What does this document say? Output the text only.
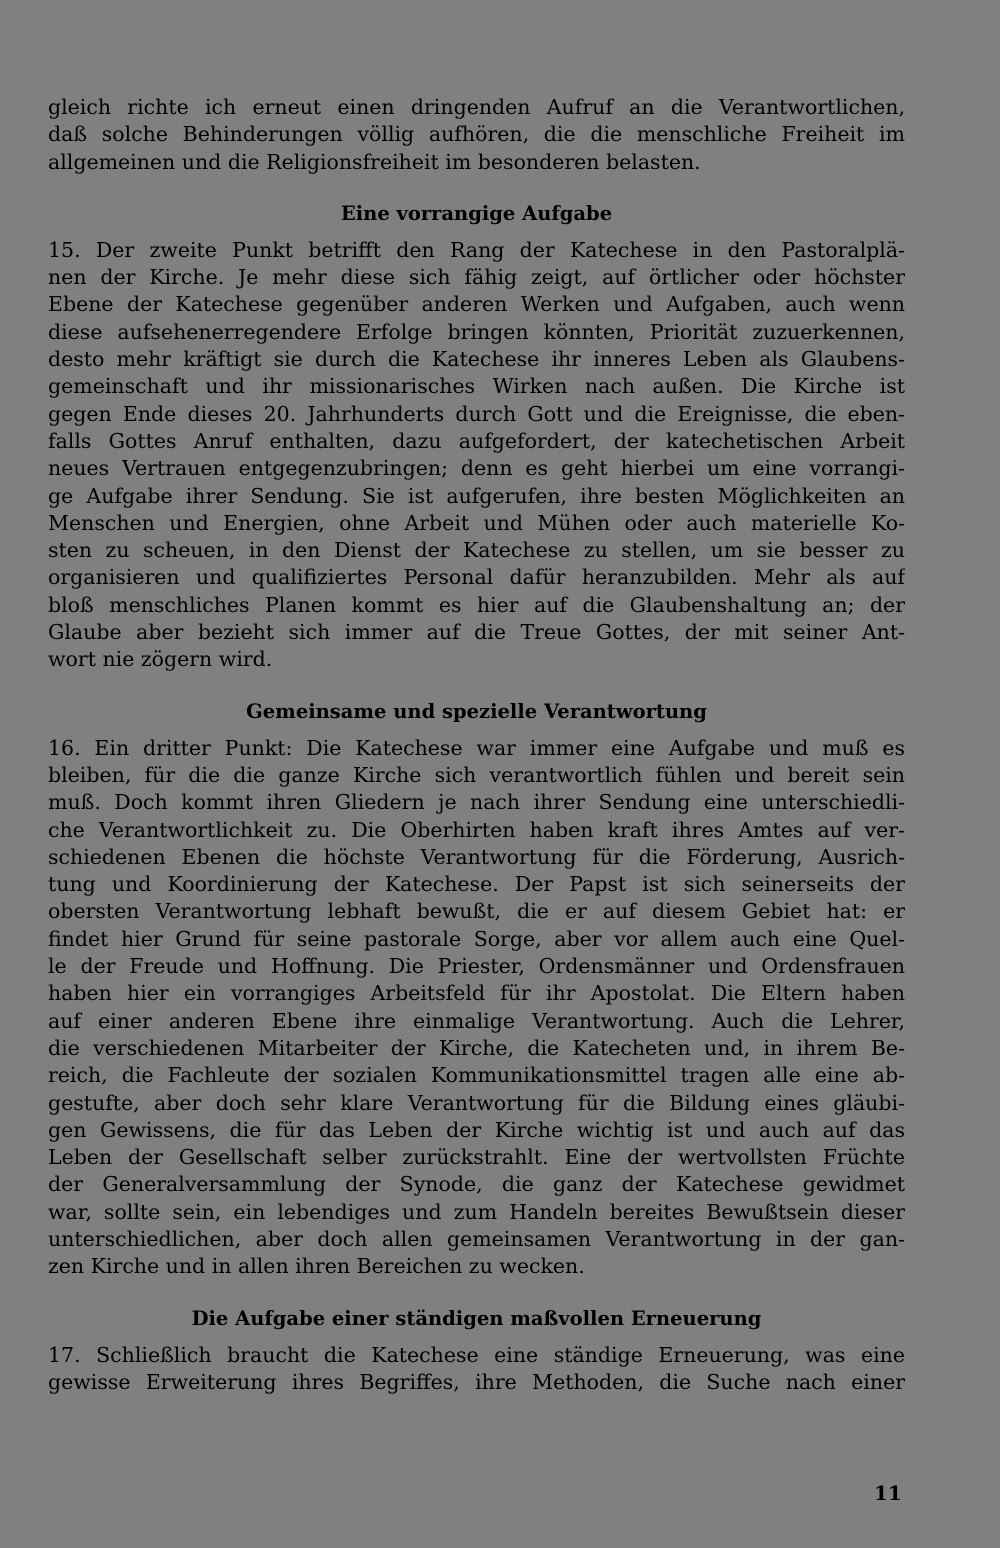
gleich richte ich erneut einen dringenden Aufruf an die Verantwortlichen,
daß solche Behinderungen völlig aufhören, die die menschliche Freiheit im
allgemeinen und die Religionsfreiheit im besonderen belasten.
Eine vorrangige Aufgabe
15. Der zweite Punkt betrifft den Rang der Katechese in den Pastoralplä-
nen der Kirche. Je mehr diese sich fähig zeigt, auf örtlicher oder höchster
Ebene der Katechese gegenüber anderen Werken und Aufgaben, auch wenn
diese aufsehenerregendere Erfolge bringen könnten, Priorität zuzuerkennen,
desto mehr kräftigt sie durch die Katechese ihr inneres Leben als Glaubens-
gemeinschaft und ihr missionarisches Wirken nach außen. Die Kirche ist
gegen Ende dieses 20. Jahrhunderts durch Gott und die Ereignisse, die eben-
falls Gottes Anruf enthalten, dazu aufgefordert, der katechetischen Arbeit
neues Vertrauen entgegenzubringen; denn es geht hierbei um eine vorrangi-
ge Aufgabe ihrer Sendung. Sie ist aufgerufen, ihre besten Möglichkeiten an
Menschen und Energien, ohne Arbeit und Mühen oder auch materielle Ko-
sten zu scheuen, in den Dienst der Katechese zu stellen, um sie besser zu
organisieren und qualifiziertes Personal dafür heranzubilden. Mehr als auf
bloß menschliches Planen kommt es hier auf die Glaubenshaltung an; der
Glaube aber bezieht sich immer auf die Treue Gottes, der mit seiner Ant-
wort nie zögern wird.
Gemeinsame und spezielle Verantwortung
16. Ein dritter Punkt: Die Katechese war immer eine Aufgabe und muß es
bleiben, für die die ganze Kirche sich verantwortlich fühlen und bereit sein
muß. Doch kommt ihren Gliedern je nach ihrer Sendung eine unterschiedli-
che Verantwortlichkeit zu. Die Oberhirten haben kraft ihres Amtes auf ver-
schiedenen Ebenen die höchste Verantwortung für die Förderung, Ausrich-
tung und Koordinierung der Katechese. Der Papst ist sich seinerseits der
obersten Verantwortung lebhaft bewußt, die er auf diesem Gebiet hat: er
findet hier Grund für seine pastorale Sorge, aber vor allem auch eine Quel-
le der Freude und Hoffnung. Die Priester, Ordensmänner und Ordensfrauen
haben hier ein vorrangiges Arbeitsfeld für ihr Apostolat. Die Eltern haben
auf einer anderen Ebene ihre einmalige Verantwortung. Auch die Lehrer,
die verschiedenen Mitarbeiter der Kirche, die Katecheten und, in ihrem Be-
reich, die Fachleute der sozialen Kommunikationsmittel tragen alle eine ab-
gestufte, aber doch sehr klare Verantwortung für die Bildung eines gläubi-
gen Gewissens, die für das Leben der Kirche wichtig ist und auch auf das
Leben der Gesellschaft selber zurückstrahlt. Eine der wertvollsten Früchte
der Generalversammlung der Synode, die ganz der Katechese gewidmet
war, sollte sein, ein lebendiges und zum Handeln bereites Bewußtsein dieser
unterschiedlichen, aber doch allen gemeinsamen Verantwortung in der gan-
zen Kirche und in allen ihren Bereichen zu wecken.
Die Aufgabe einer ständigen maßvollen Erneuerung
17. Schließlich braucht die Katechese eine ständige Erneuerung, was eine
gewisse Erweiterung ihres Begriffes, ihre Methoden, die Suche nach einer
11
